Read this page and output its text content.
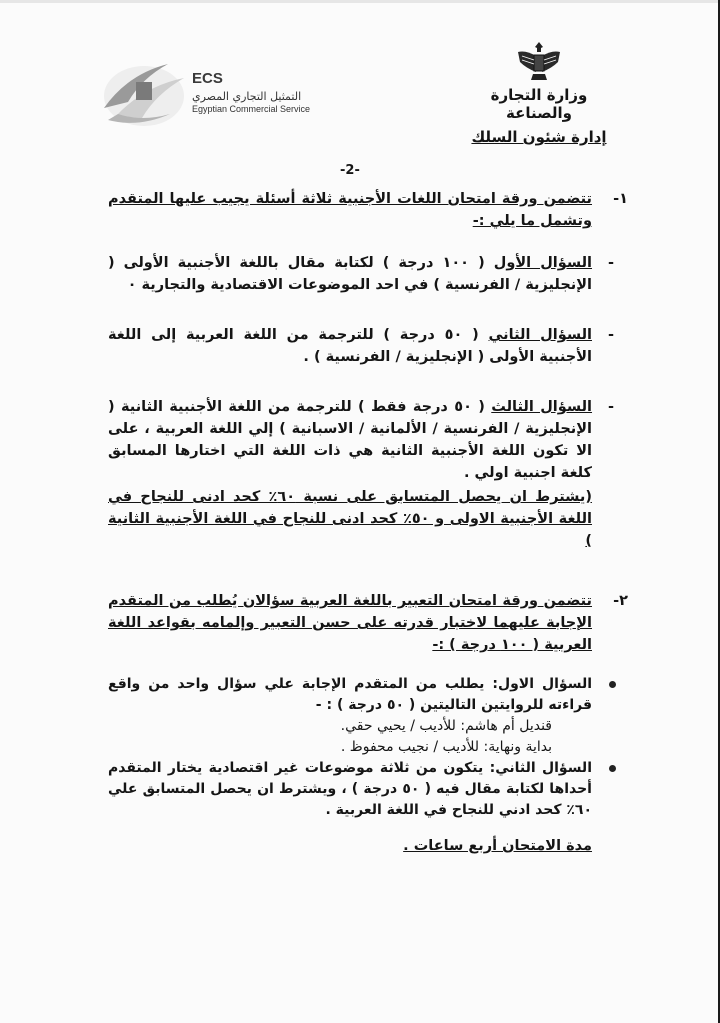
وزارة التجارة والصناعة
إدارة شئون السلك
ECS
التمثيل التجاري المصري
Egyptian Commercial Service
-2-
١-
تتضمن ورقة امتحان اللغات الأجنبية ثلاثة أسئلة يجيب عليها المتقدم وتشمل ما يلي :-
-
السؤال الأول ( ١٠٠ درجة ) لكتابة مقال باللغة الأجنبية الأولى ( الإنجليزية / الفرنسية ) في احد الموضوعات الاقتصادية والتجارية ٠
-
السؤال الثاني ( ٥٠ درجة ) للترجمة من اللغة العربية إلى اللغة الأجنبية الأولى ( الإنجليزية / الفرنسية ) .
-
السؤال الثالث ( ٥٠ درجة فقط ) للترجمة من اللغة الأجنبية الثانية ( الإنجليزية / الفرنسية / الألمانية / الاسبانية ) إلي اللغة العربية ، على الا تكون اللغة الأجنبية الثانية هي ذات اللغة التي اختارها المسابق كلغة اجنبية اولي .
(يشترط ان يحصل المتسابق على نسبة ٦٠٪ كحد ادنى للنجاح في اللغة الأجنبية الاولى و ٥٠٪ كحد ادنى للنجاح في اللغة الأجنبية الثانية )
٢-
تتضمن ورقة امتحان التعبير باللغة العربية سؤالان يُطلب من المتقدم الإجابة عليهما لاختبار قدرته على حسن التعبير وإلمامه بقواعد اللغة العربية ( ١٠٠ درجة ) :-
السؤال الاول: يطلب من المتقدم الإجابة علي سؤال واحد من واقع قراءته للروايتين التاليتين ( ٥٠ درجة ) : -
قنديل أم هاشم: للأديب / يحيي حقي.
بداية ونهاية: للأديب / نجيب محفوظ .
السؤال الثاني: يتكون من ثلاثة موضوعات غير اقتصادية يختار المتقدم أحداها لكتابة مقال فيه ( ٥٠ درجة ) ، ويشترط ان يحصل المتسابق علي ٦٠٪ كحد ادني للنجاح في اللغة العربية .
مدة الامتحان أربع ساعات .
